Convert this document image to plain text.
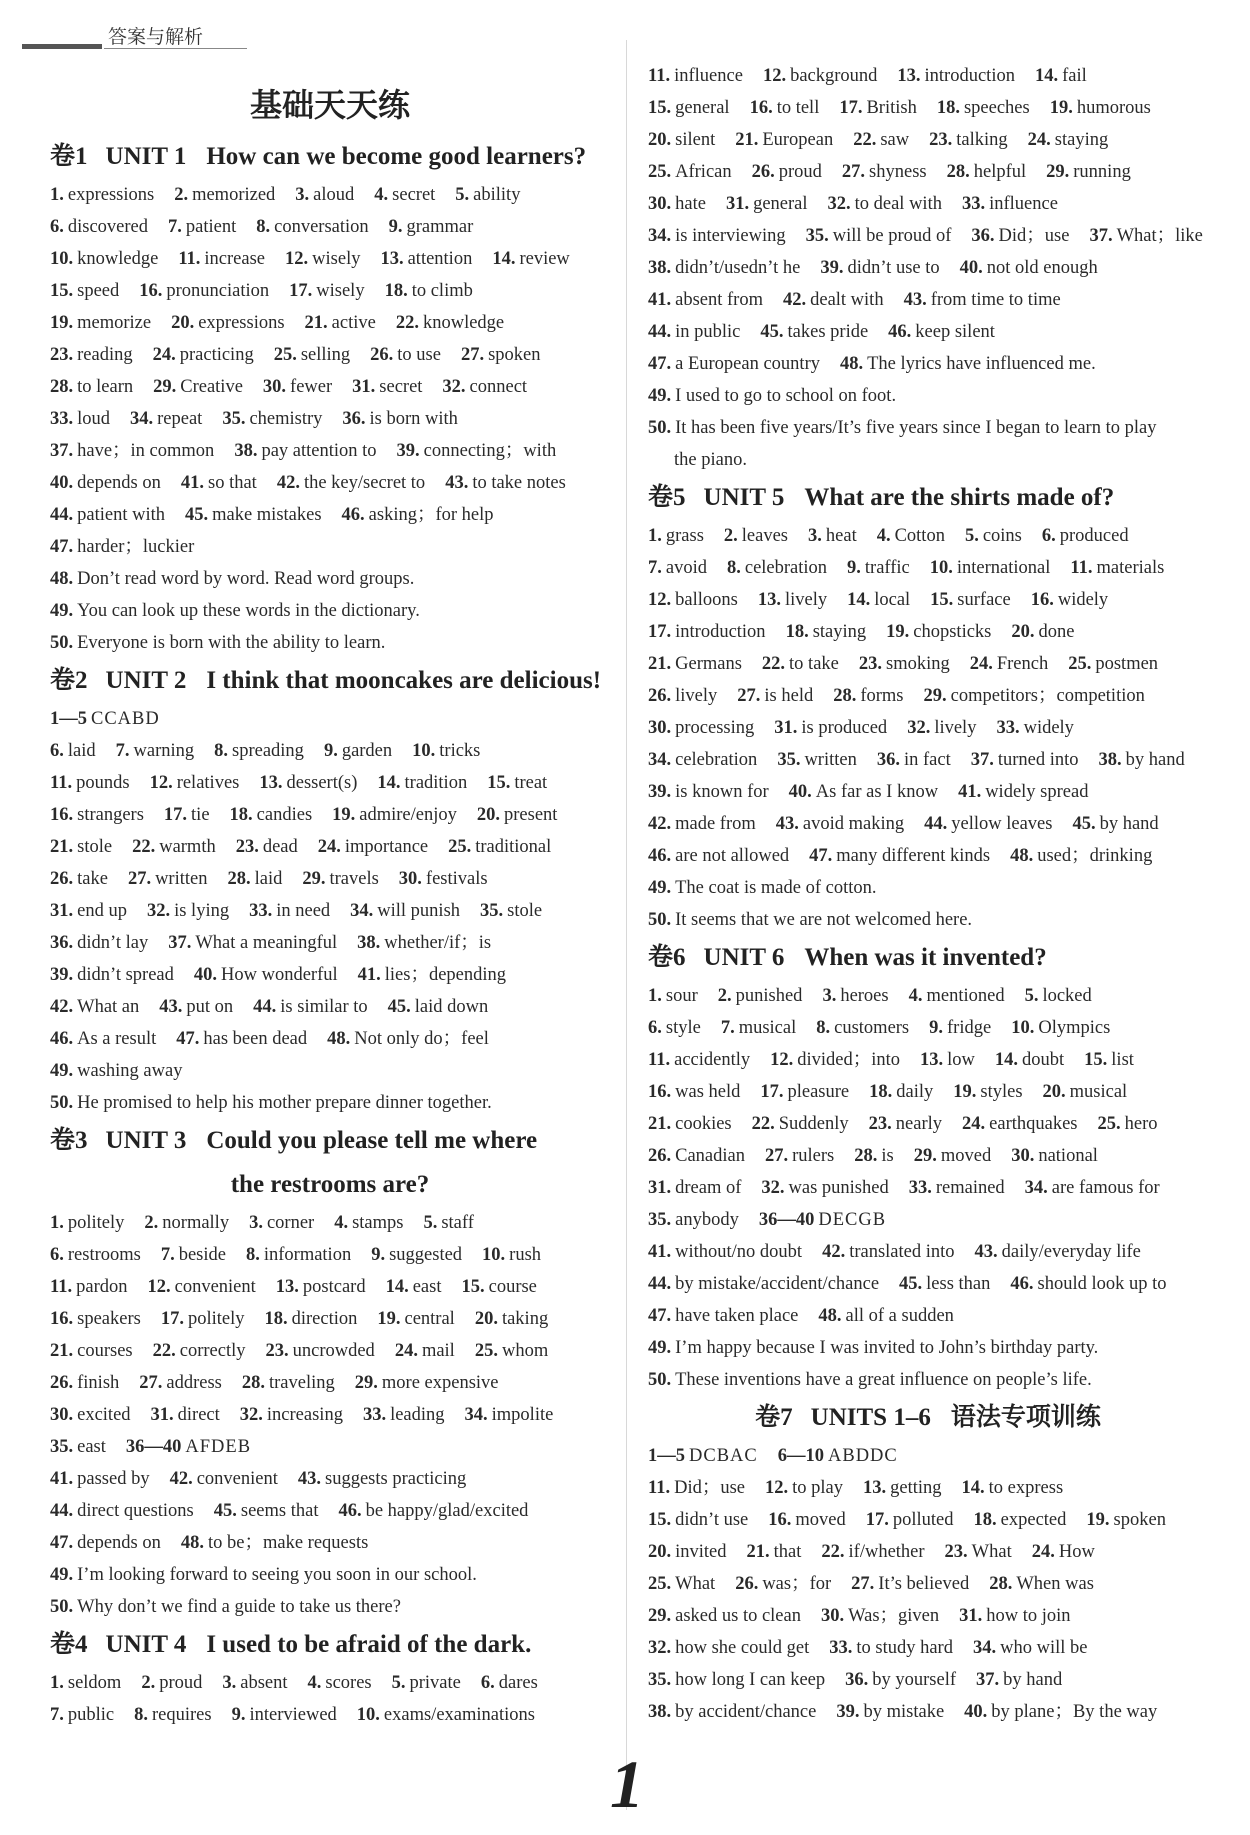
答案与解析
基础天天练
卷1 UNIT 1 How can we become good learners?
1. expressions 2. memorized 3. aloud 4. secret 5. ability
6. discovered 7. patient 8. conversation 9. grammar
10. knowledge 11. increase 12. wisely 13. attention 14. review
15. speed 16. pronunciation 17. wisely 18. to climb
19. memorize 20. expressions 21. active 22. knowledge
23. reading 24. practicing 25. selling 26. to use 27. spoken
28. to learn 29. Creative 30. fewer 31. secret 32. connect
33. loud 34. repeat 35. chemistry 36. is born with
37. have；in common 38. pay attention to 39. connecting；with
40. depends on 41. so that 42. the key/secret to 43. to take notes
44. patient with 45. make mistakes 46. asking；for help
47. harder；luckier
48. Don’t read word by word. Read word groups.
49. You can look up these words in the dictionary.
50. Everyone is born with the ability to learn.
卷2 UNIT 2 I think that mooncakes are delicious!
1—5 CCABD
6. laid 7. warning 8. spreading 9. garden 10. tricks
11. pounds 12. relatives 13. dessert(s) 14. tradition 15. treat
16. strangers 17. tie 18. candies 19. admire/enjoy 20. present
21. stole 22. warmth 23. dead 24. importance 25. traditional
26. take 27. written 28. laid 29. travels 30. festivals
31. end up 32. is lying 33. in need 34. will punish 35. stole
36. didn’t lay 37. What a meaningful 38. whether/if；is
39. didn’t spread 40. How wonderful 41. lies；depending
42. What an 43. put on 44. is similar to 45. laid down
46. As a result 47. has been dead 48. Not only do；feel
49. washing away
50. He promised to help his mother prepare dinner together.
卷3 UNIT 3 Could you please tell me where
the restrooms are?
1. politely 2. normally 3. corner 4. stamps 5. staff
6. restrooms 7. beside 8. information 9. suggested 10. rush
11. pardon 12. convenient 13. postcard 14. east 15. course
16. speakers 17. politely 18. direction 19. central 20. taking
21. courses 22. correctly 23. uncrowded 24. mail 25. whom
26. finish 27. address 28. traveling 29. more expensive
30. excited 31. direct 32. increasing 33. leading 34. impolite
35. east 36—40 AFDEB
41. passed by 42. convenient 43. suggests practicing
44. direct questions 45. seems that 46. be happy/glad/excited
47. depends on 48. to be；make requests
49. I’m looking forward to seeing you soon in our school.
50. Why don’t we find a guide to take us there?
卷4 UNIT 4 I used to be afraid of the dark.
1. seldom 2. proud 3. absent 4. scores 5. private 6. dares
7. public 8. requires 9. interviewed 10. exams/examinations
11. influence 12. background 13. introduction 14. fail
15. general 16. to tell 17. British 18. speeches 19. humorous
20. silent 21. European 22. saw 23. talking 24. staying
25. African 26. proud 27. shyness 28. helpful 29. running
30. hate 31. general 32. to deal with 33. influence
34. is interviewing 35. will be proud of 36. Did；use 37. What；like
38. didn’t/usedn’t he 39. didn’t use to 40. not old enough
41. absent from 42. dealt with 43. from time to time
44. in public 45. takes pride 46. keep silent
47. a European country 48. The lyrics have influenced me.
49. I used to go to school on foot.
50. It has been five years/It’s five years since I began to learn to play
the piano.
卷5 UNIT 5 What are the shirts made of?
1. grass 2. leaves 3. heat 4. Cotton 5. coins 6. produced
7. avoid 8. celebration 9. traffic 10. international 11. materials
12. balloons 13. lively 14. local 15. surface 16. widely
17. introduction 18. staying 19. chopsticks 20. done
21. Germans 22. to take 23. smoking 24. French 25. postmen
26. lively 27. is held 28. forms 29. competitors；competition
30. processing 31. is produced 32. lively 33. widely
34. celebration 35. written 36. in fact 37. turned into 38. by hand
39. is known for 40. As far as I know 41. widely spread
42. made from 43. avoid making 44. yellow leaves 45. by hand
46. are not allowed 47. many different kinds 48. used；drinking
49. The coat is made of cotton.
50. It seems that we are not welcomed here.
卷6 UNIT 6 When was it invented?
1. sour 2. punished 3. heroes 4. mentioned 5. locked
6. style 7. musical 8. customers 9. fridge 10. Olympics
11. accidently 12. divided；into 13. low 14. doubt 15. list
16. was held 17. pleasure 18. daily 19. styles 20. musical
21. cookies 22. Suddenly 23. nearly 24. earthquakes 25. hero
26. Canadian 27. rulers 28. is 29. moved 30. national
31. dream of 32. was punished 33. remained 34. are famous for
35. anybody 36—40 DECGB
41. without/no doubt 42. translated into 43. daily/everyday life
44. by mistake/accident/chance 45. less than 46. should look up to
47. have taken place 48. all of a sudden
49. I’m happy because I was invited to John’s birthday party.
50. These inventions have a great influence on people’s life.
卷7 UNITS 1–6 语法专项训练
1—5 DCBAC 6—10 ABDDC
11. Did；use 12. to play 13. getting 14. to express
15. didn’t use 16. moved 17. polluted 18. expected 19. spoken
20. invited 21. that 22. if/whether 23. What 24. How
25. What 26. was；for 27. It’s believed 28. When was
29. asked us to clean 30. Was；given 31. how to join
32. how she could get 33. to study hard 34. who will be
35. how long I can keep 36. by yourself 37. by hand
38. by accident/chance 39. by mistake 40. by plane；By the way
1
